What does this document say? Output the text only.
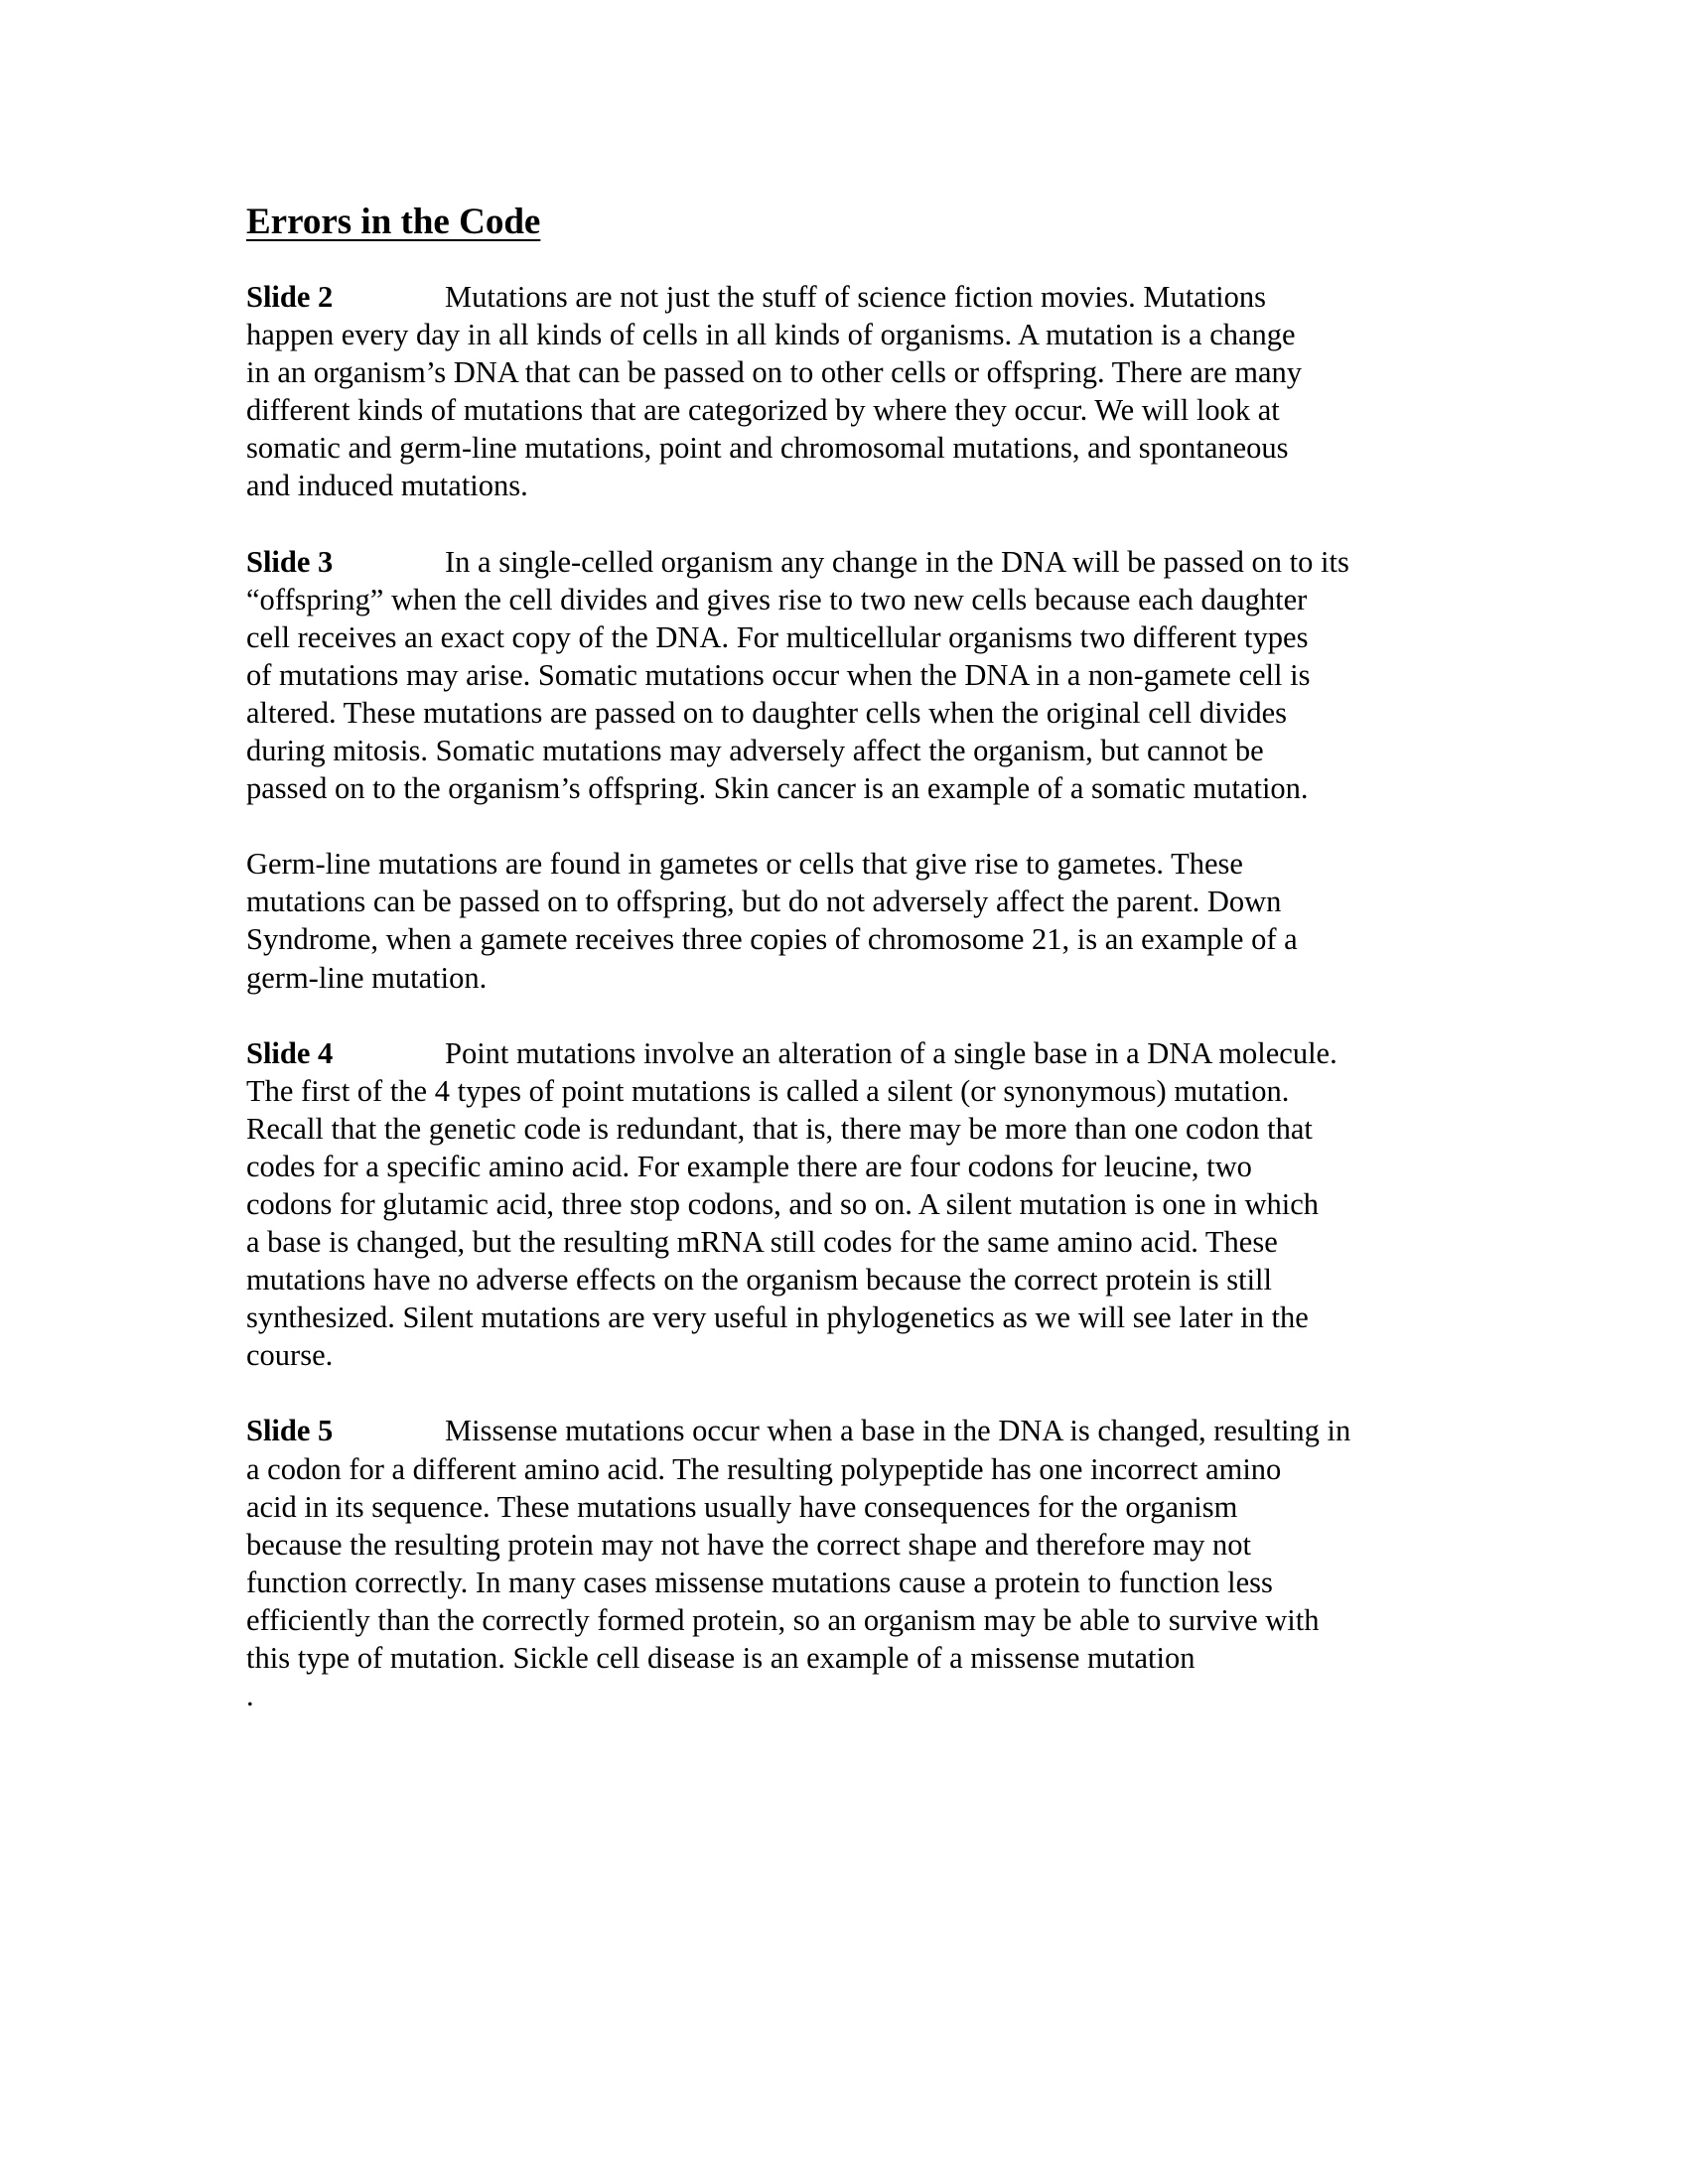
Errors in the Code

Slide 2	Mutations are not just the stuff of science fiction movies. Mutations
happen every day in all kinds of cells in all kinds of organisms. A mutation is a change
in an organism’s DNA that can be passed on to other cells or offspring. There are many
different kinds of mutations that are categorized by where they occur. We will look at
somatic and germ-line mutations, point and chromosomal mutations, and spontaneous
and induced mutations.

Slide 3	In a single-celled organism any change in the DNA will be passed on to its
“offspring” when the cell divides and gives rise to two new cells because each daughter
cell receives an exact copy of the DNA. For multicellular organisms two different types
of mutations may arise. Somatic mutations occur when the DNA in a non-gamete cell is
altered. These mutations are passed on to daughter cells when the original cell divides
during mitosis. Somatic mutations may adversely affect the organism, but cannot be
passed on to the organism’s offspring. Skin cancer is an example of a somatic mutation.

Germ-line mutations are found in gametes or cells that give rise to gametes. These
mutations can be passed on to offspring, but do not adversely affect the parent. Down
Syndrome, when a gamete receives three copies of chromosome 21, is an example of a
germ-line mutation.

Slide 4	Point mutations involve an alteration of a single base in a DNA molecule.
The first of the 4 types of point mutations is called a silent (or synonymous) mutation.
Recall that the genetic code is redundant, that is, there may be more than one codon that
codes for a specific amino acid. For example there are four codons for leucine, two
codons for glutamic acid, three stop codons, and so on. A silent mutation is one in which
a base is changed, but the resulting mRNA still codes for the same amino acid. These
mutations have no adverse effects on the organism because the correct protein is still
synthesized. Silent mutations are very useful in phylogenetics as we will see later in the
course.

Slide 5	Missense mutations occur when a base in the DNA is changed, resulting in
a codon for a different amino acid. The resulting polypeptide has one incorrect amino
acid in its sequence. These mutations usually have consequences for the organism
because the resulting protein may not have the correct shape and therefore may not
function correctly. In many cases missense mutations cause a protein to function less
efficiently than the correctly formed protein, so an organism may be able to survive with
this type of mutation. Sickle cell disease is an example of a missense mutation

.
